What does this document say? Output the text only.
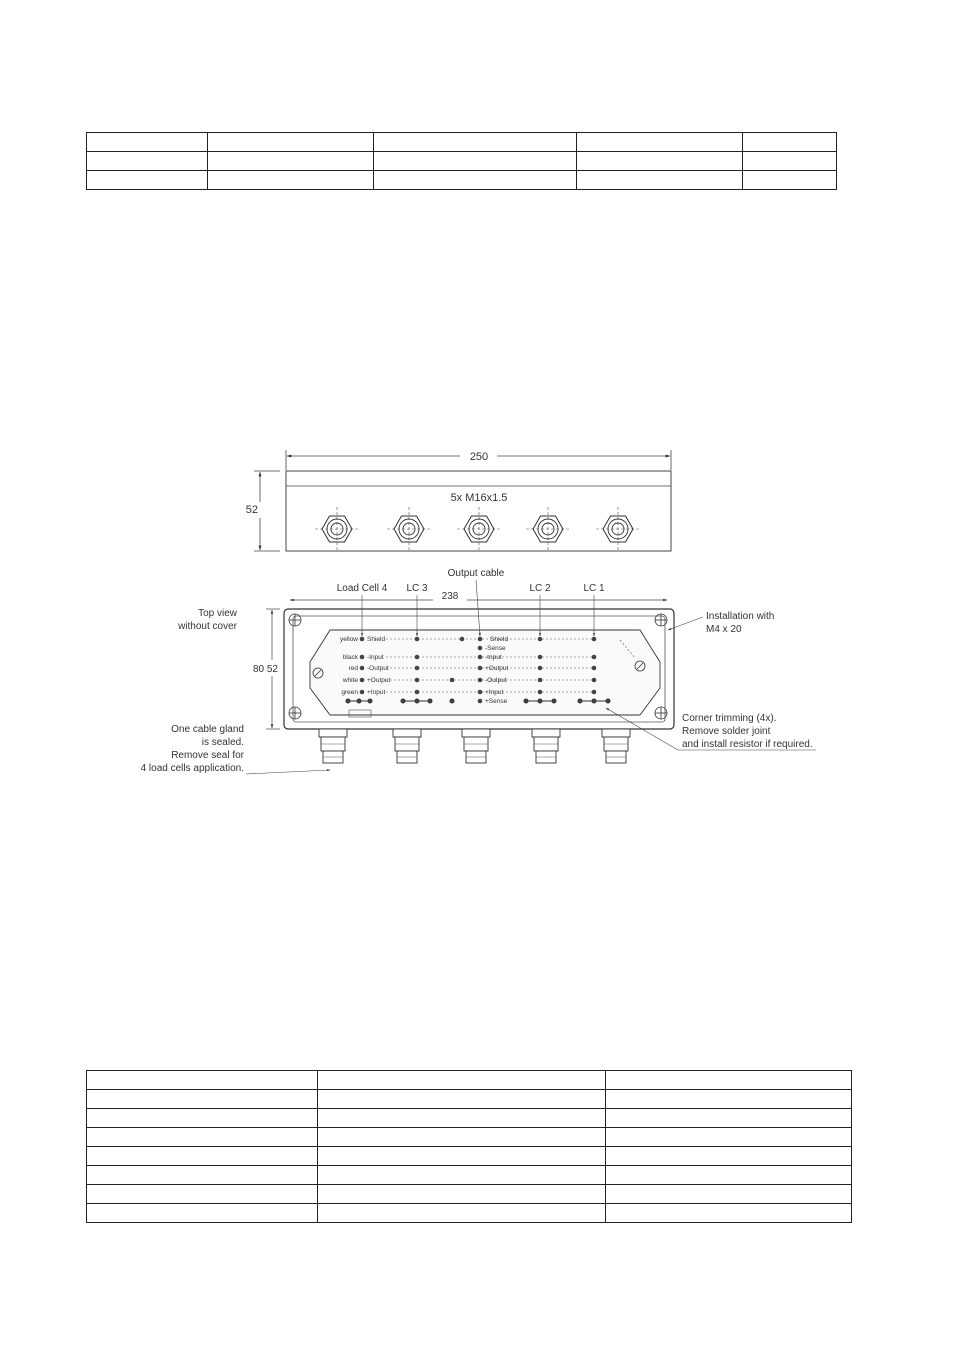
250
52
5x M16x1.5
Load Cell 4 LC 3
Output cable
LC 2	LC 1
238
Top view
without cover
80 52
yellow
black
red
white
green
Shield
-Input
-Output
+Output
+Input
Shield
-Sense
-Input
+Output
-Output
+Input
+Sense
Installation with
M4 x 20
One cable gland
is sealed.
Remove seal for
4 load cells application.
Corner trimming (4x).
Remove solder joint
and install resistor if required.
